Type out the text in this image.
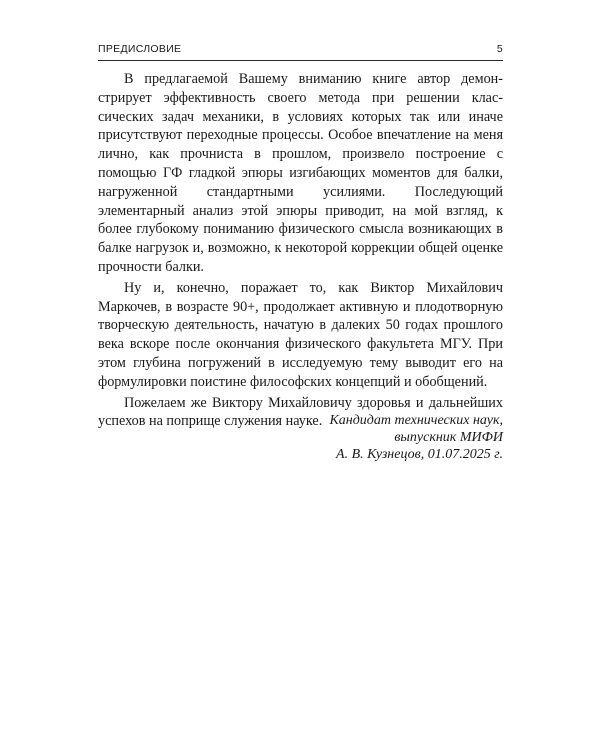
ПРЕДИСЛОВИЕ	5

В предлагаемой Вашему вниманию книге автор демонстрирует эффективность своего метода при решении классических задач механики, в условиях которых так или иначе присутствуют переходные процессы. Особое впечатление на меня лично, как прочниста в прошлом, произвело построение с помощью ГФ гладкой эпюры изгибающих моментов для балки, нагруженной стандартными усилиями. Последующий элементарный анализ этой эпюры приводит, на мой взгляд, к более глубокому пониманию физического смысла возникающих в балке нагрузок и, возможно, к некоторой коррекции общей оценке прочности балки.

Ну и, конечно, поражает то, как Виктор Михайлович Маркочев, в возрасте 90+, продолжает активную и плодотворную творческую деятельность, начатую в далеких 50 годах прошлого века вскоре после окончания физического факультета МГУ. При этом глубина погружений в исследуемую тему выводит его на формулировки поистине философских концепций и обобщений.

Пожелаем же Виктору Михайловичу здоровья и дальнейших успехов на поприще служения науке. Кандидат технических наук,
выпускник МИФИ
А. В. Кузнецов, 01.07.2025 г.
